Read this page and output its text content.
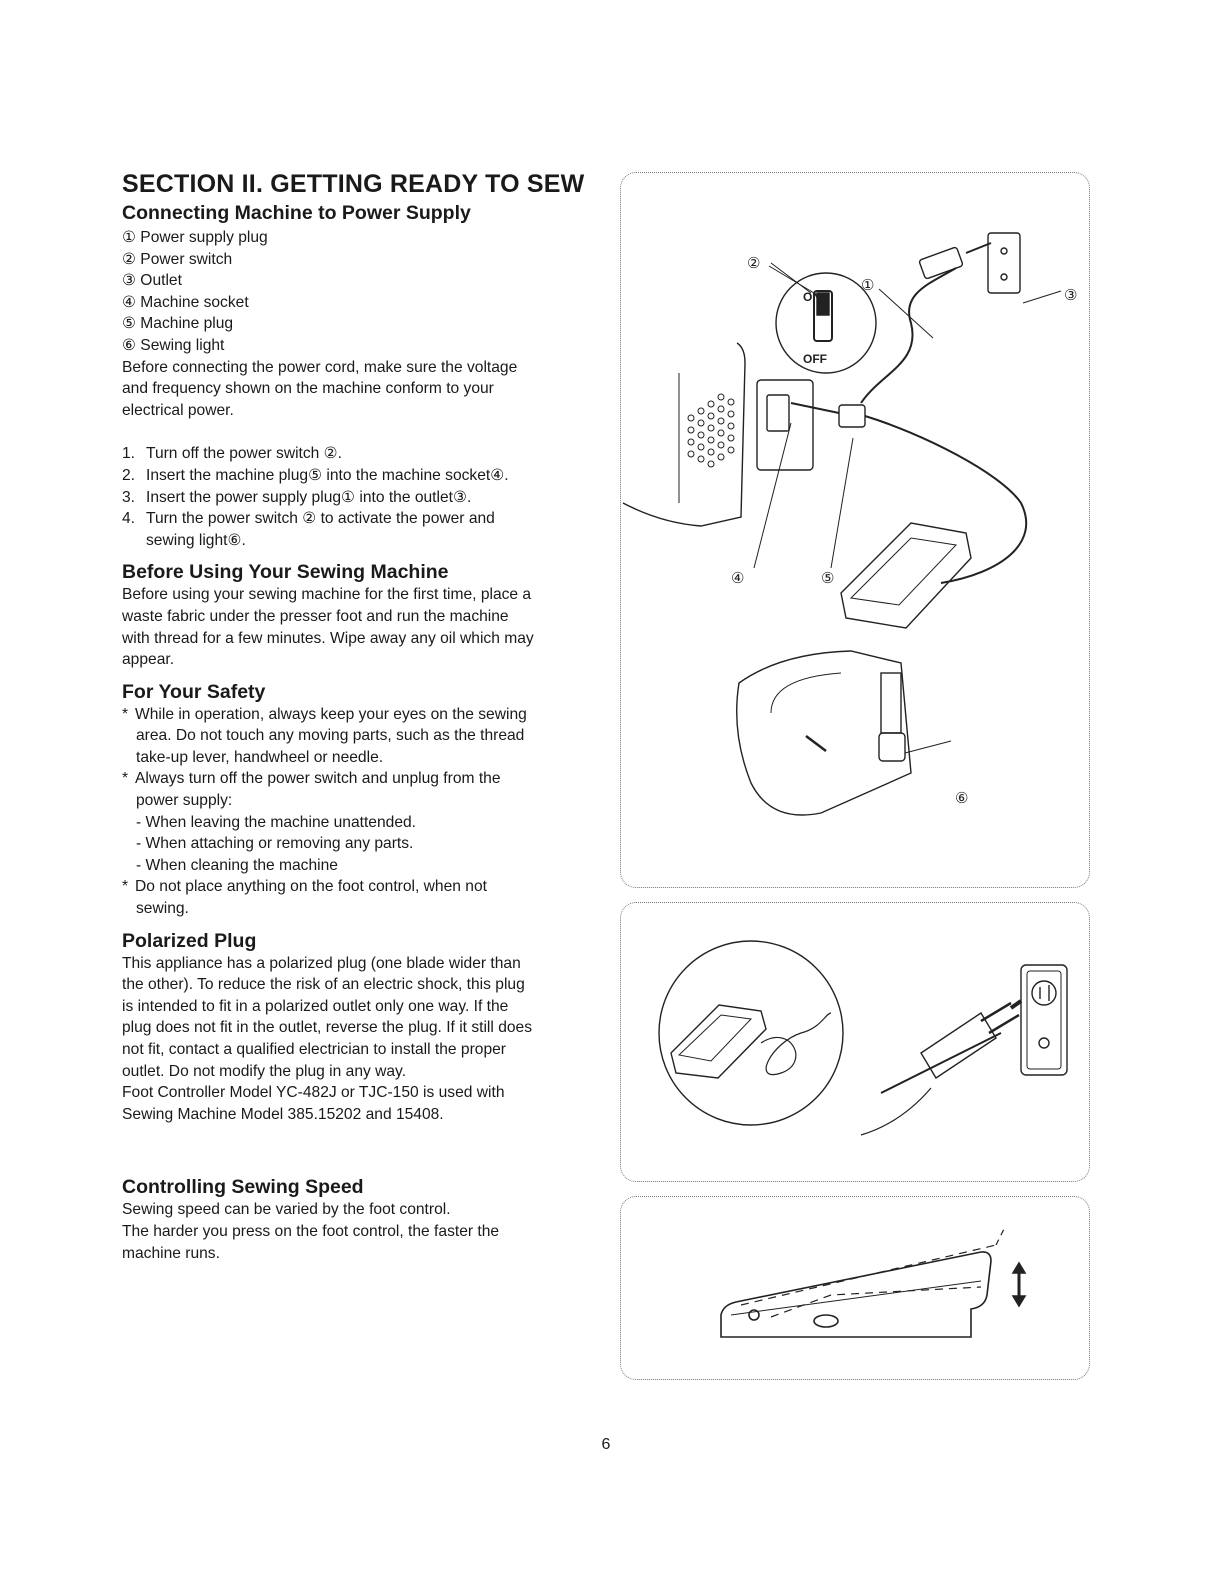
SECTION II. GETTING READY TO SEW
Connecting Machine to Power Supply
① Power supply plug
② Power switch
③ Outlet
④ Machine socket
⑤ Machine plug
⑥ Sewing light

Before connecting the power cord, make sure the voltage

and frequency shown on the machine conform to your

electrical power.

1. Turn off the power switch ②.
2. Insert the machine plug⑤ into the machine socket④.
3. Insert the power supply plug① into the outlet③.
4. Turn the power switch ② to activate the power and
sewing light⑥.
Before Using Your Sewing Machine

Before using your sewing machine for the first time, place a

waste fabric under the presser foot and run the machine

with thread for a few minutes. Wipe away any oil which may

appear.

For Your Safety

* While in operation, always keep your eyes on the sewing

area. Do not touch any moving parts, such as the thread

take-up lever, handwheel or needle.

* Always turn off the power switch and unplug from the

power supply:

- When leaving the machine unattended.

- When attaching or removing any parts.

- When cleaning the machine

* Do not place anything on the foot control, when not

sewing.

Polarized Plug

This appliance has a polarized plug (one blade wider than

the other). To reduce the risk of an electric shock, this plug

is intended to fit in a polarized outlet only one way. If the

plug does not fit in the outlet, reverse the plug. If it still does

not fit, contact a qualified electrician to install the proper

outlet. Do not modify the plug in any way.

Foot Controller Model YC-482J or TJC-150 is used with

Sewing Machine Model 385.15202 and 15408.

Controlling Sewing Speed

Sewing speed can be varied by the foot control.

The harder you press on the foot control, the faster the

machine runs.

②
①
③
④	⑤
⑥
ON
OFF
6
